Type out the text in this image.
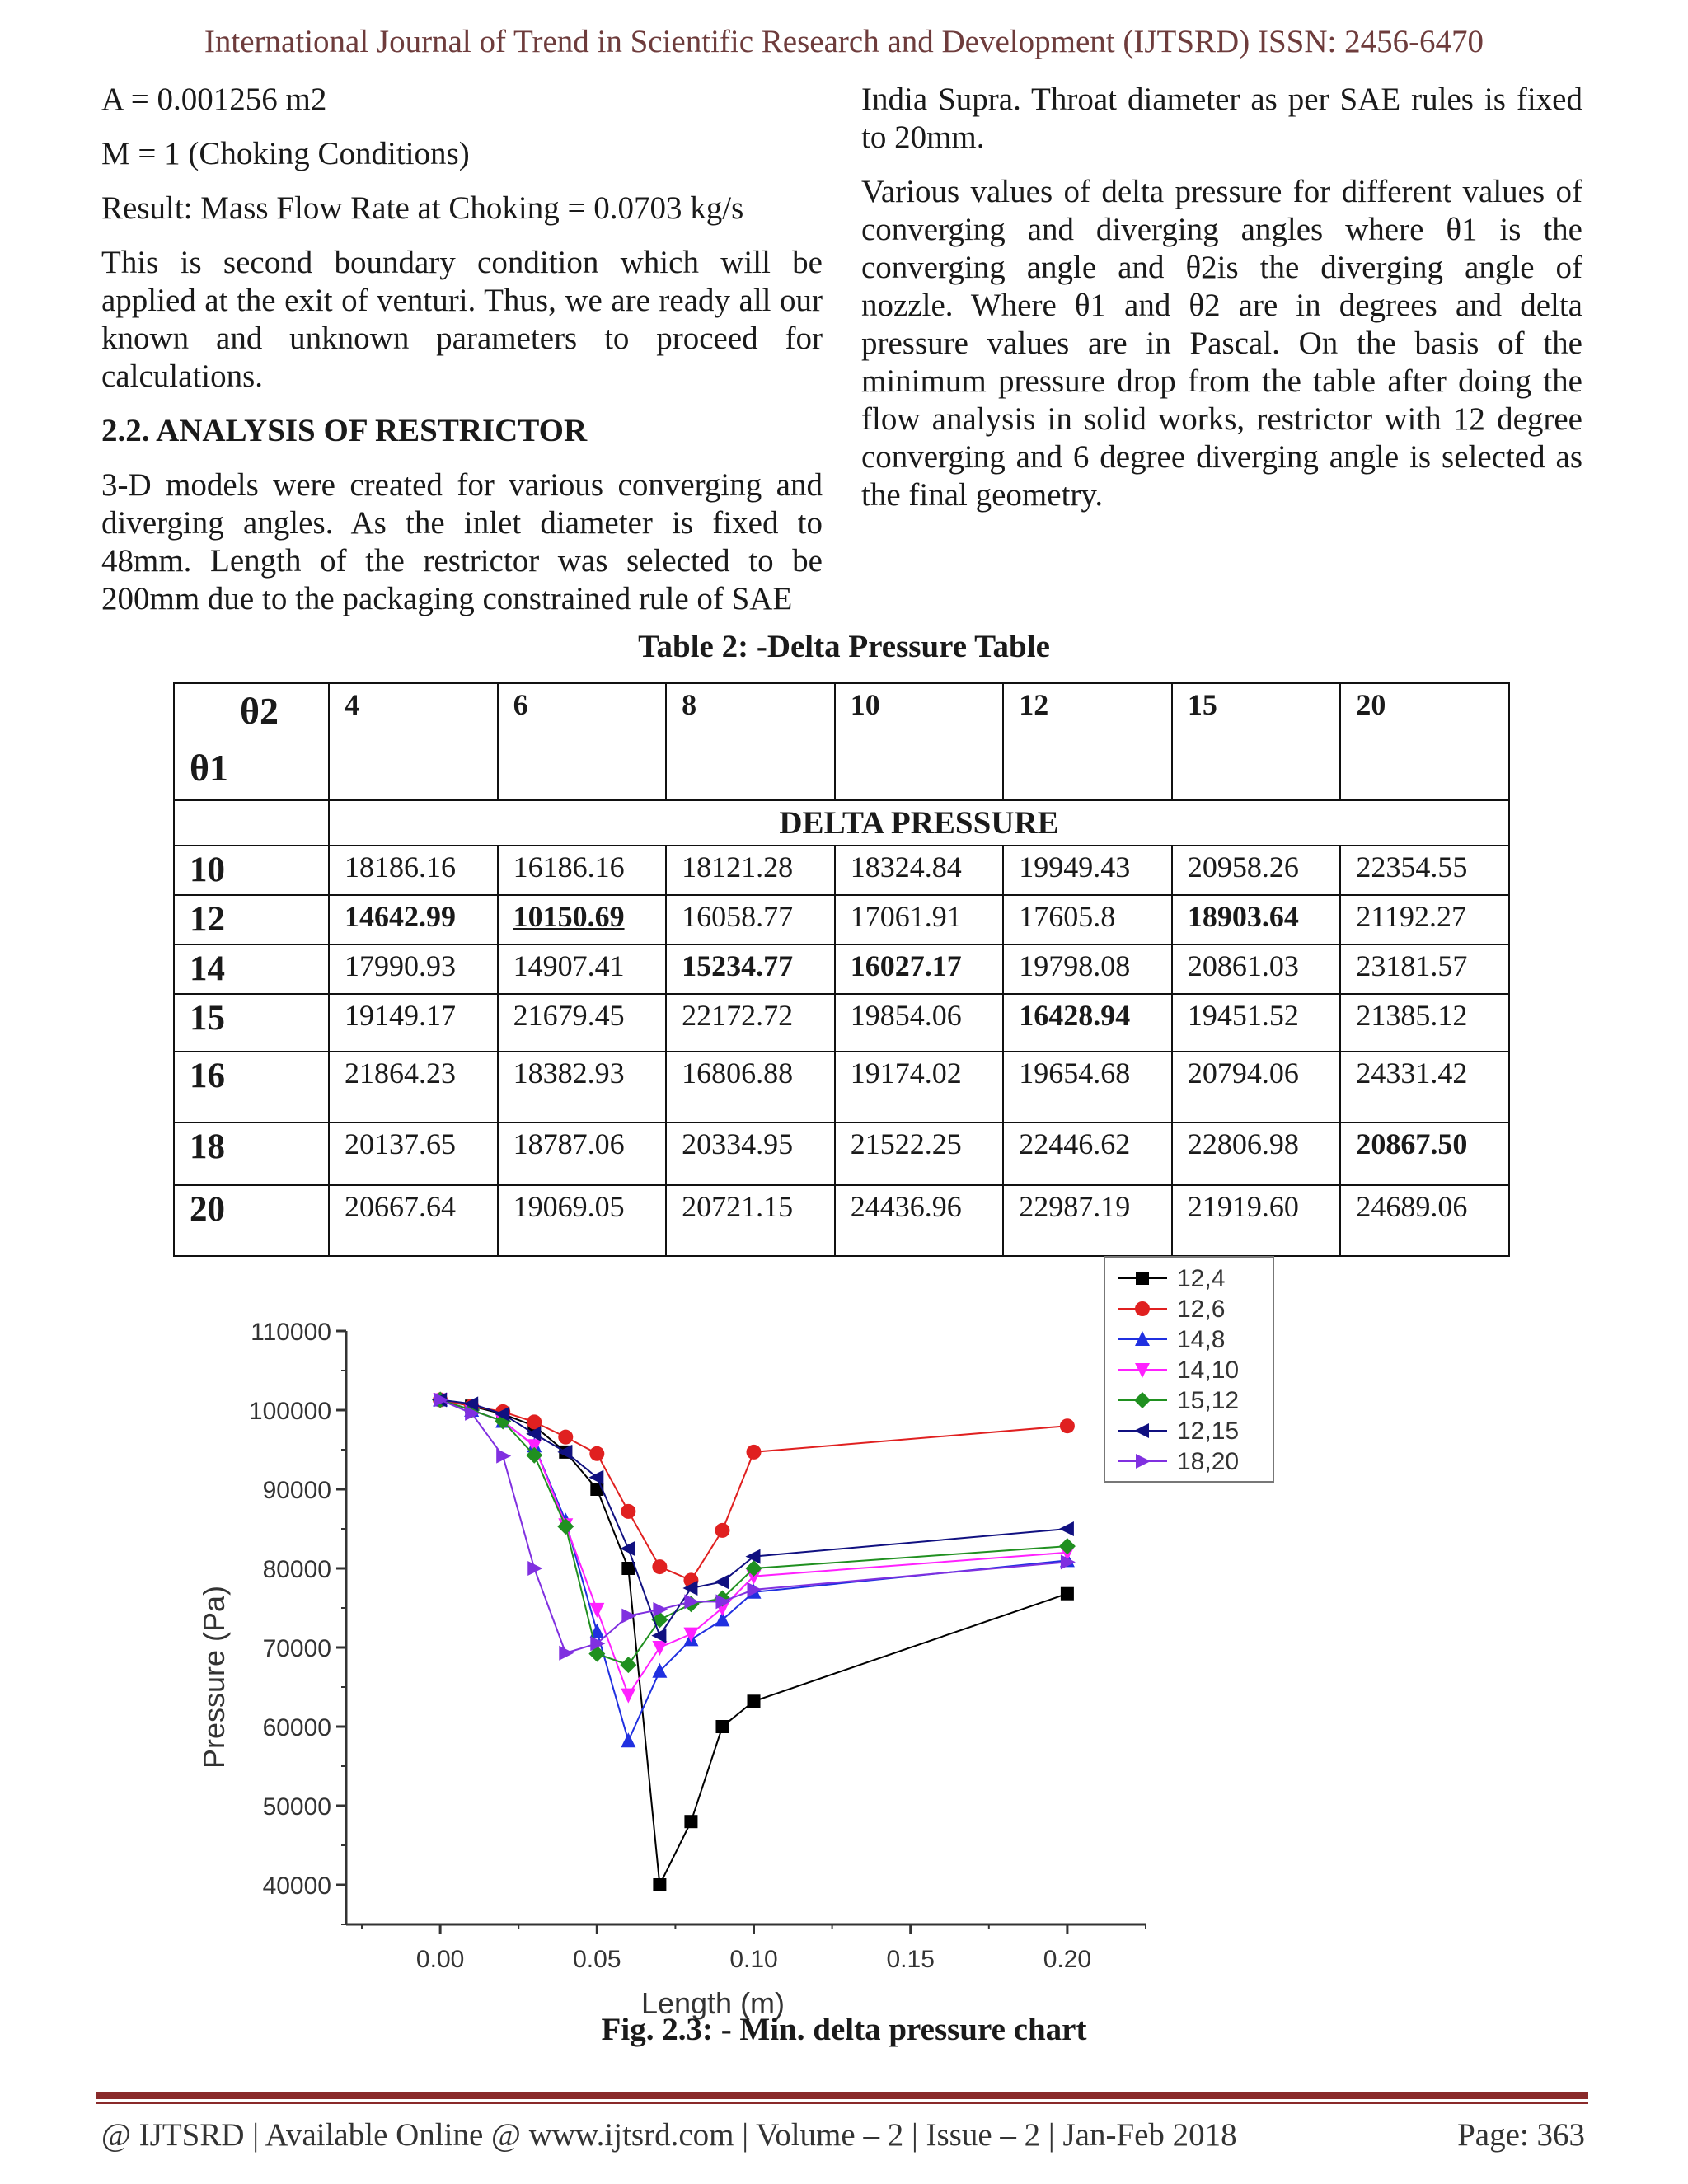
International Journal of Trend in Scientific Research and Development (IJTSRD) ISSN: 2456-6470

A = 0.001256 m2

M = 1 (Choking Conditions)

Result: Mass Flow Rate at Choking = 0.0703 kg/s

This is second boundary condition which will be applied at the exit of venturi. Thus, we are ready all our known and unknown parameters to proceed for calculations.

2.2. ANALYSIS OF RESTRICTOR

3-D models were created for various converging and diverging angles. As the inlet diameter is fixed to 48mm. Length of the restrictor was selected to be 200mm due to the packaging constrained rule of SAE

India Supra. Throat diameter as per SAE rules is fixed to 20mm.

Various values of delta pressure for different values of converging and diverging angles where θ1 is the converging angle and θ2is the diverging angle of nozzle. Where θ1 and θ2 are in degrees and delta pressure values are in Pascal. On the basis of the minimum pressure drop from the table after doing the flow analysis in solid works, restrictor with 12 degree converging and 6 degree diverging angle is selected as the final geometry.

Table 2: -Delta Pressure Table
θ2
θ1	4	6	8	10	12	15	20
	DELTA PRESSURE						
10	18186.16	16186.16	18121.28	18324.84	19949.43	20958.26	22354.55
12	14642.99	10150.69	16058.77	17061.91	17605.8	18903.64	21192.27
14	17990.93	14907.41	15234.77	16027.17	19798.08	20861.03	23181.57
15	19149.17	21679.45	22172.72	19854.06	16428.94	19451.52	21385.12
16	21864.23	18382.93	16806.88	19174.02	19654.68	20794.06	24331.42
18	20137.65	18787.06	20334.95	21522.25	22446.62	22806.98	20867.50
20	20667.64	19069.05	20721.15	24436.96	22987.19	21919.60	24689.06
40000
50000
60000
70000
80000
90000
100000
110000
0.00	0.05	0.10	0.15	0.20
Length (m)
Pressure (Pa)
12,4
12,6
14,8
14,10
15,12
12,15
18,20
Fig. 2.3: - Min. delta pressure chart
@ IJTSRD | Available Online @ www.ijtsrd.com | Volume – 2 | Issue – 2 | Jan-Feb 2018	Page: 363
